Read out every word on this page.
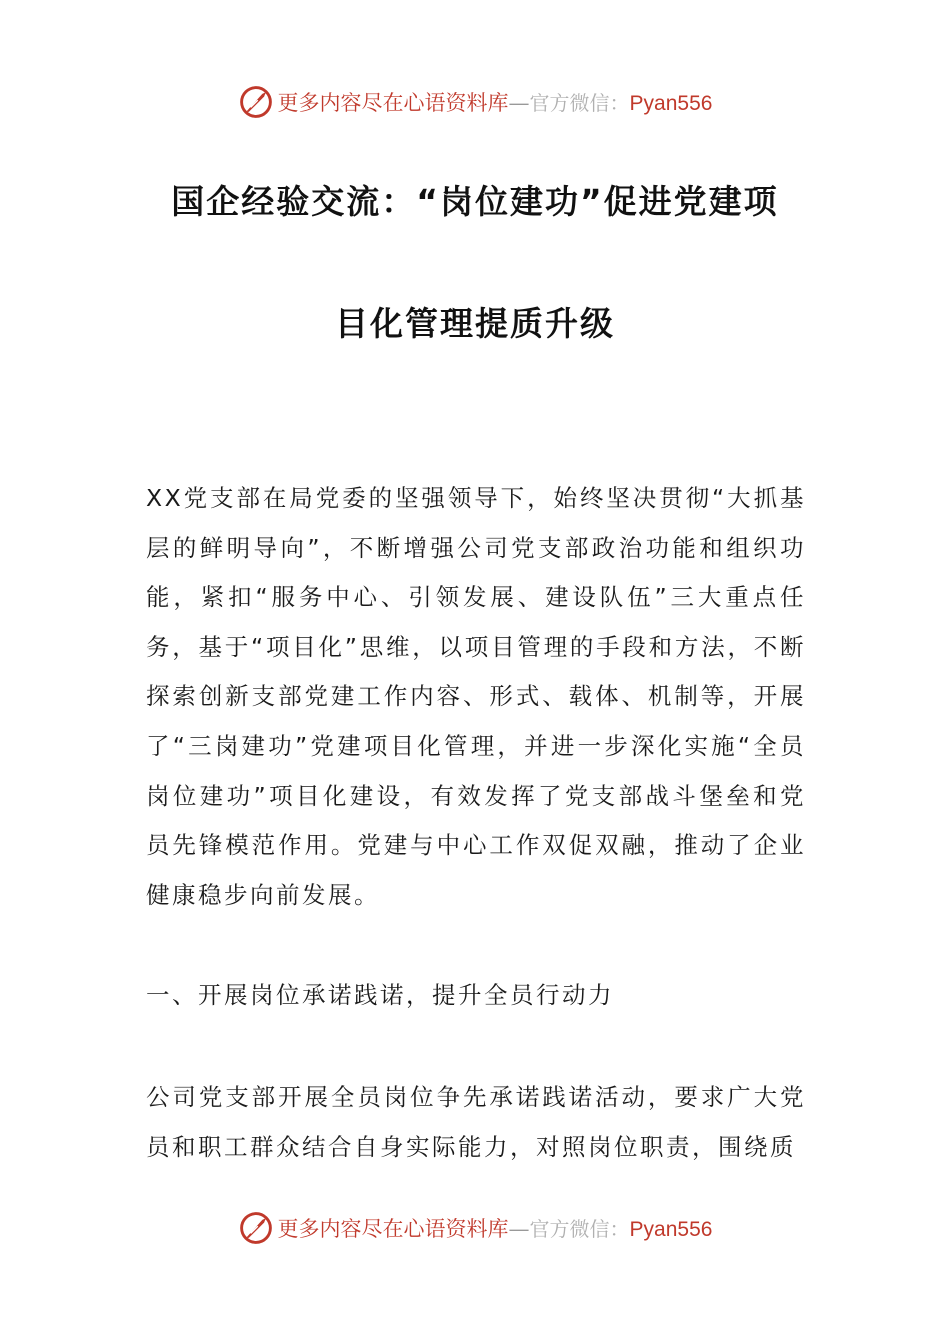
更多内容尽在心语资料库—官方微信：Pyan556
国企经验交流：“岗位建功”促进党建项
目化管理提质升级

XX党支部在局党委的坚强领导下，始终坚决贯彻“大抓基层的鲜明导向”，不断增强公司党支部政治功能和组织功能，紧扣“服务中心、引领发展、建设队伍”三大重点任务，基于“项目化”思维，以项目管理的手段和方法，不断探索创新支部党建工作内容、形式、载体、机制等，开展了“三岗建功”党建项目化管理，并进一步深化实施“全员岗位建功”项目化建设，有效发挥了党支部战斗堡垒和党员先锋模范作用。党建与中心工作双促双融，推动了企业健康稳步向前发展。

一、开展岗位承诺践诺，提升全员行动力

公司党支部开展全员岗位争先承诺践诺活动，要求广大党员和职工群众结合自身实际能力，对照岗位职责，围绕质

更多内容尽在心语资料库—官方微信：Pyan556
